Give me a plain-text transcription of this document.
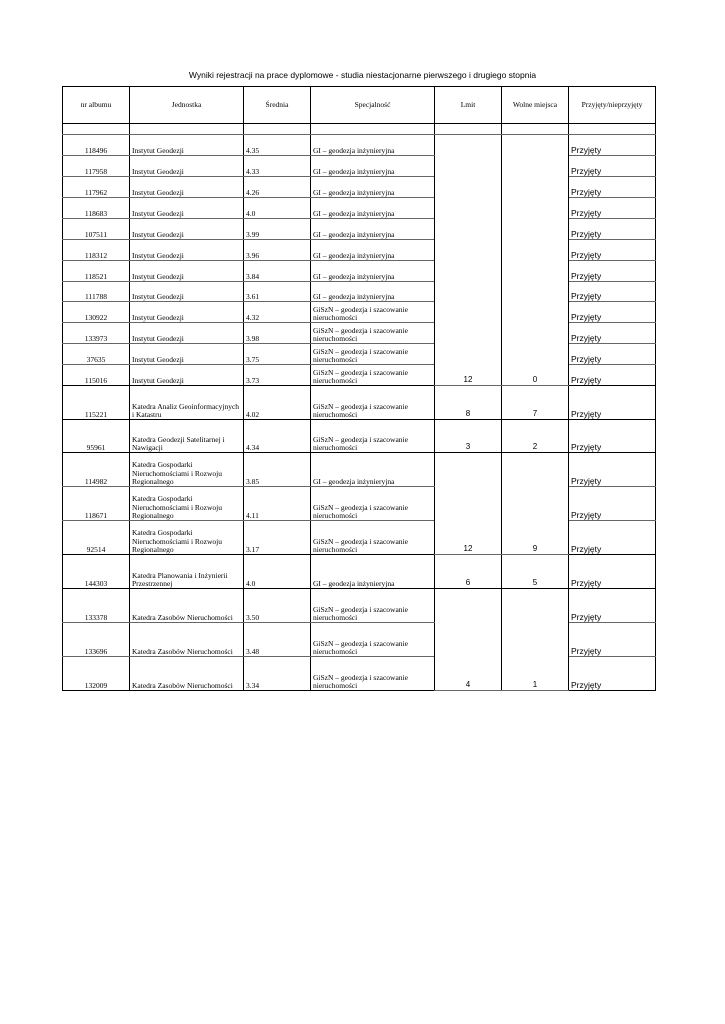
Wyniki rejestracji na prace dyplomowe - studia niestacjonarne pierwszego i drugiego stopnia
nr albumu	Jednostka	Średnia	Specjalność	Lmit	Wolne miejsca	Przyjęty/nieprzyjęty

118496	Instytut Geodezji	4.35	GI – geodezja inżynieryjna	12	0	Przyjęty
117958	Instytut Geodezji	4.33	GI – geodezja inżynieryjna			Przyjęty
117962	Instytut Geodezji	4.26	GI – geodezja inżynieryjna			Przyjęty
118683	Instytut Geodezji	4.0	GI – geodezja inżynieryjna			Przyjęty
107511	Instytut Geodezji	3.99	GI – geodezja inżynieryjna			Przyjęty
118312	Instytut Geodezji	3.96	GI – geodezja inżynieryjna			Przyjęty
118521	Instytut Geodezji	3.84	GI – geodezja inżynieryjna			Przyjęty
111788	Instytut Geodezji	3.61	GI – geodezja inżynieryjna			Przyjęty
130922	Instytut Geodezji	4.32	GiSzN – geodezja i szacowanie nieruchomości			Przyjęty
133973	Instytut Geodezji	3.98	GiSzN – geodezja i szacowanie nieruchomości			Przyjęty
37635	Instytut Geodezji	3.75	GiSzN – geodezja i szacowanie nieruchomości			Przyjęty
115016	Instytut Geodezji	3.73	GiSzN – geodezja i szacowanie nieruchomości			Przyjęty
115221	Katedra Analiz Geoinformacyjnych i Katastru	4.02	GiSzN – geodezja i szacowanie nieruchomości	8	7	Przyjęty
95961	Katedra Geodezji Satelitarnej i Nawigacji	4.34	GiSzN – geodezja i szacowanie nieruchomości	3	2	Przyjęty
114982	Katedra Gospodarki Nieruchomościami i Rozwoju Regionalnego	3.85	GI – geodezja inżynieryjna	12	9	Przyjęty
118671	Katedra Gospodarki Nieruchomościami i Rozwoju Regionalnego	4.11	GiSzN – geodezja i szacowanie nieruchomości			Przyjęty
92514	Katedra Gospodarki Nieruchomościami i Rozwoju Regionalnego	3.17	GiSzN – geodezja i szacowanie nieruchomości			Przyjęty
144303	Katedra Planowania i Inżynierii Przestrzennej	4.0	GI – geodezja inżynieryjna	6	5	Przyjęty
133378	Katedra Zasobów Nieruchomości	3.50	GiSzN – geodezja i szacowanie nieruchomości	4	1	Przyjęty
133696	Katedra Zasobów Nieruchomości	3.48	GiSzN – geodezja i szacowanie nieruchomości			Przyjęty
132009	Katedra Zasobów Nieruchomości	3.34	GiSzN – geodezja i szacowanie nieruchomości			Przyjęty
